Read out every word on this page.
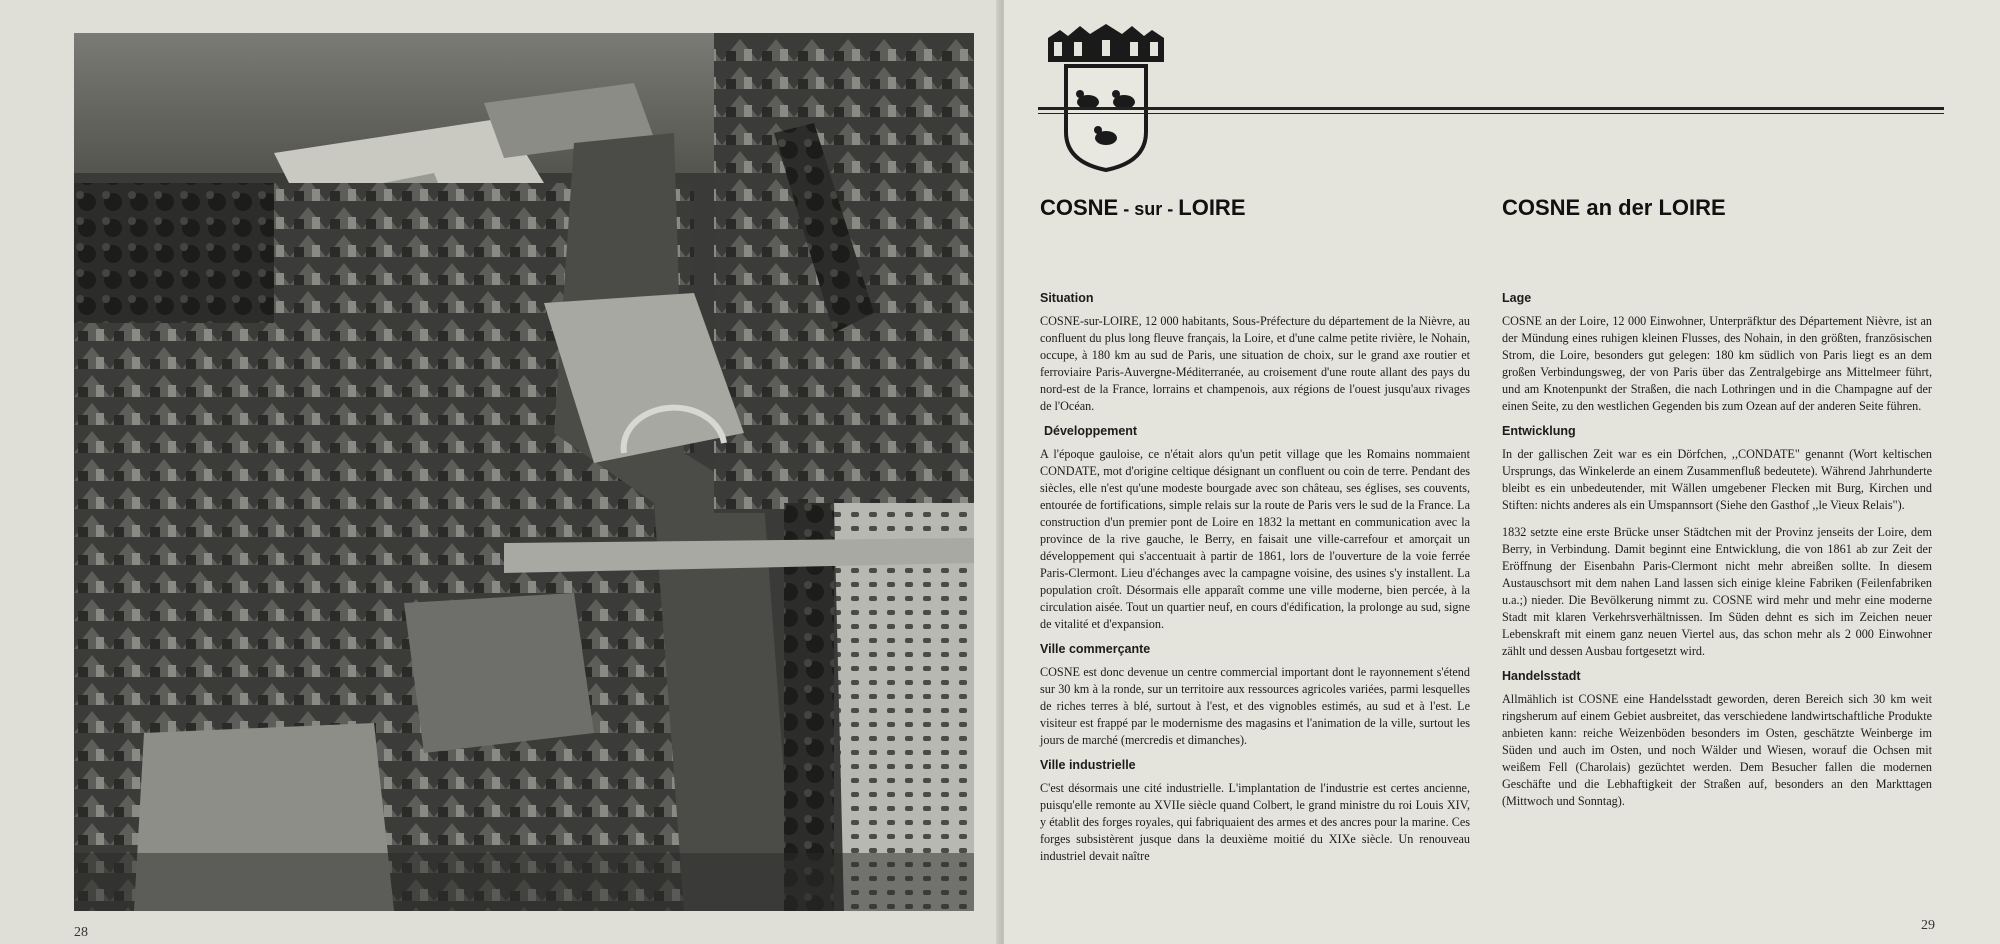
28
COSNE - sur - LOIRE	COSNE an der LOIRE
Situation

COSNE-sur-LOIRE, 12 000 habitants, Sous-Préfecture du département de la Nièvre, au confluent du plus long fleuve français, la Loire, et d'une calme petite rivière, le Nohain, occupe, à 180 km au sud de Paris, une situation de choix, sur le grand axe routier et ferroviaire Paris-Auvergne-Méditerranée, au croisement d'une route allant des pays du nord-est de la France, lorrains et champenois, aux régions de l'ouest jusqu'aux rivages de l'Océan.

Développement

A l'époque gauloise, ce n'était alors qu'un petit village que les Romains nommaient CONDATE, mot d'origine celtique désignant un confluent ou coin de terre. Pendant des siècles, elle n'est qu'une modeste bourgade avec son château, ses églises, ses couvents, entourée de fortifications, simple relais sur la route de Paris vers le sud de la France. La construction d'un premier pont de Loire en 1832 la mettant en communication avec la province de la rive gauche, le Berry, en faisait une ville-carrefour et amorçait un développement qui s'accentuait à partir de 1861, lors de l'ouverture de la voie ferrée Paris-Clermont. Lieu d'échanges avec la campagne voisine, des usines s'y installent. La population croît. Désormais elle apparaît comme une ville moderne, bien percée, à la circulation aisée. Tout un quartier neuf, en cours d'édification, la prolonge au sud, signe de vitalité et d'expansion.

Ville commerçante

COSNE est donc devenue un centre commercial important dont le rayonnement s'étend sur 30 km à la ronde, sur un territoire aux ressources agricoles variées, parmi lesquelles de riches terres à blé, surtout à l'est, et des vignobles estimés, au sud et à l'est. Le visiteur est frappé par le modernisme des magasins et l'animation de la ville, surtout les jours de marché (mercredis et dimanches).

Ville industrielle

C'est désormais une cité industrielle. L'implantation de l'industrie est certes ancienne, puisqu'elle remonte au XVIIe siècle quand Colbert, le grand ministre du roi Louis XIV, y établit des forges royales, qui fabriquaient des armes et des ancres pour la marine. Ces forges subsistèrent jusque dans la deuxième moitié du XIXe siècle. Un renouveau industriel devait naître

Lage

COSNE an der Loire, 12 000 Einwohner, Unterpräfktur des Département Nièvre, ist an der Mündung eines ruhigen kleinen Flusses, des Nohain, in den größten, französischen Strom, die Loire, besonders gut gelegen: 180 km südlich von Paris liegt es an dem großen Verbindungsweg, der von Paris über das Zentralgebirge ans Mittelmeer führt, und am Knotenpunkt der Straßen, die nach Lothringen und in die Champagne auf der einen Seite, zu den westlichen Gegenden bis zum Ozean auf der anderen Seite führen.

Entwicklung

In der gallischen Zeit war es ein Dörfchen, ,,CONDATE" genannt (Wort keltischen Ursprungs, das Winkelerde an einem Zusammenfluß bedeutete). Während Jahrhunderte bleibt es ein unbedeutender, mit Wällen umgebener Flecken mit Burg, Kirchen und Stiften: nichts anderes als ein Umspannsort (Siehe den Gasthof ,,le Vieux Relais").

1832 setzte eine erste Brücke unser Städtchen mit der Provinz jenseits der Loire, dem Berry, in Verbindung. Damit beginnt eine Entwicklung, die von 1861 ab zur Zeit der Eröffnung der Eisenbahn Paris-Clermont nicht mehr abreißen sollte. In diesem Austauschsort mit dem nahen Land lassen sich einige kleine Fabriken (Feilenfabriken u.a.;) nieder. Die Bevölkerung nimmt zu. COSNE wird mehr und mehr eine moderne Stadt mit klaren Verkehrsverhältnissen. Im Süden dehnt es sich im Zeichen neuer Lebenskraft mit einem ganz neuen Viertel aus, das schon mehr als 2 000 Einwohner zählt und dessen Ausbau fortgesetzt wird.

Handelsstadt

Allmählich ist COSNE eine Handelsstadt geworden, deren Bereich sich 30 km weit ringsherum auf einem Gebiet ausbreitet, das verschiedene landwirtschaftliche Produkte anbieten kann: reiche Weizenböden besonders im Osten, geschätzte Weinberge im Süden und auch im Osten, und noch Wälder und Wiesen, worauf die Ochsen mit weißem Fell (Charolais) gezüchtet werden. Dem Besucher fallen die modernen Geschäfte und die Lebhaftigkeit der Straßen auf, besonders an den Markttagen (Mittwoch und Sonntag).

29
